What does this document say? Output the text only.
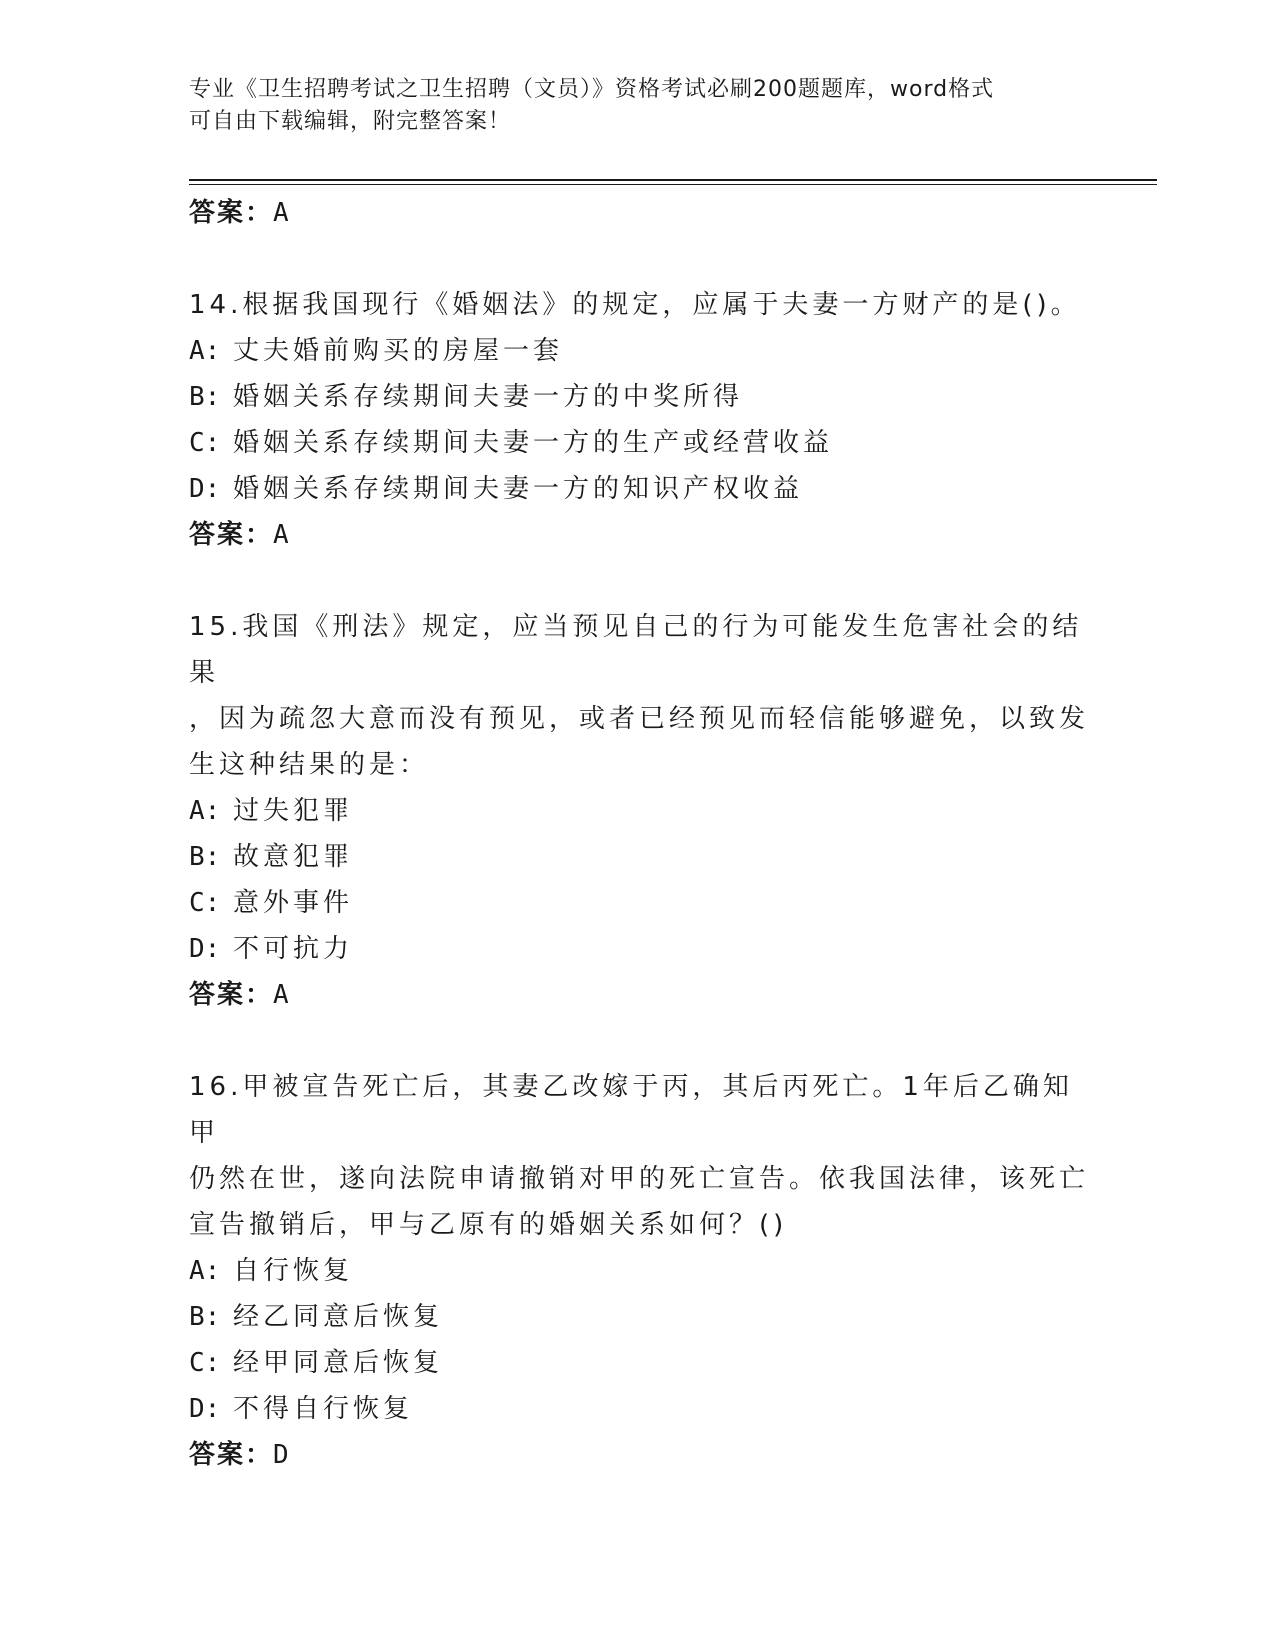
专业《卫生招聘考试之卫生招聘（文员）》资格考试必刷200题题库，word格式
可自由下载编辑，附完整答案！

答案：A

14.根据我国现行《婚姻法》的规定，应属于夫妻一方财产的是()。

A: 丈夫婚前购买的房屋一套

B: 婚姻关系存续期间夫妻一方的中奖所得

C: 婚姻关系存续期间夫妻一方的生产或经营收益

D: 婚姻关系存续期间夫妻一方的知识产权收益

答案：A

15.我国《刑法》规定，应当预见自己的行为可能发生危害社会的结果

，因为疏忽大意而没有预见，或者已经预见而轻信能够避免，以致发

生这种结果的是：

A: 过失犯罪

B: 故意犯罪

C: 意外事件

D: 不可抗力

答案：A

16.甲被宣告死亡后，其妻乙改嫁于丙，其后丙死亡。1年后乙确知甲

仍然在世，遂向法院申请撤销对甲的死亡宣告。依我国法律，该死亡

宣告撤销后，甲与乙原有的婚姻关系如何？()

A: 自行恢复

B: 经乙同意后恢复

C: 经甲同意后恢复

D: 不得自行恢复

答案：D
